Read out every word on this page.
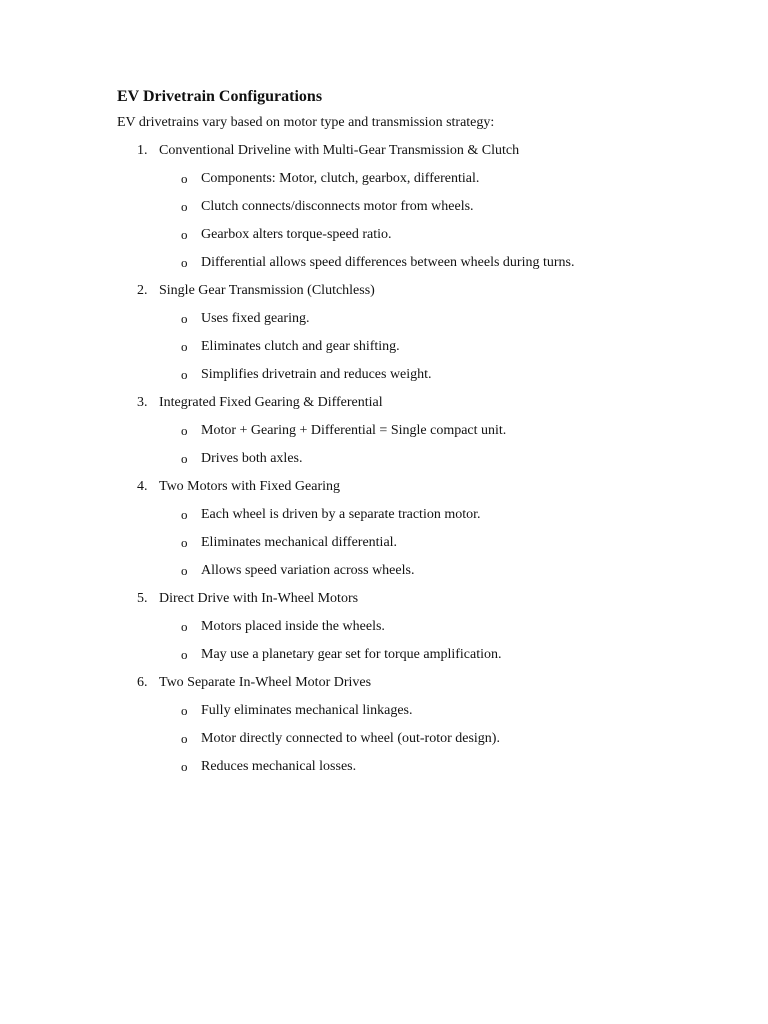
EV Drivetrain Configurations

EV drivetrains vary based on motor type and transmission strategy:

1. Conventional Driveline with Multi-Gear Transmission & Clutch
o Components: Motor, clutch, gearbox, differential.
o Clutch connects/disconnects motor from wheels.
o Gearbox alters torque-speed ratio.
o Differential allows speed differences between wheels during turns.
2. Single Gear Transmission (Clutchless)
o Uses fixed gearing.
o Eliminates clutch and gear shifting.
o Simplifies drivetrain and reduces weight.
3. Integrated Fixed Gearing & Differential
o Motor + Gearing + Differential = Single compact unit.
o Drives both axles.
4. Two Motors with Fixed Gearing
o Each wheel is driven by a separate traction motor.
o Eliminates mechanical differential.
o Allows speed variation across wheels.
5. Direct Drive with In-Wheel Motors
o Motors placed inside the wheels.
o May use a planetary gear set for torque amplification.
6. Two Separate In-Wheel Motor Drives
o Fully eliminates mechanical linkages.
o Motor directly connected to wheel (out-rotor design).
o Reduces mechanical losses.
